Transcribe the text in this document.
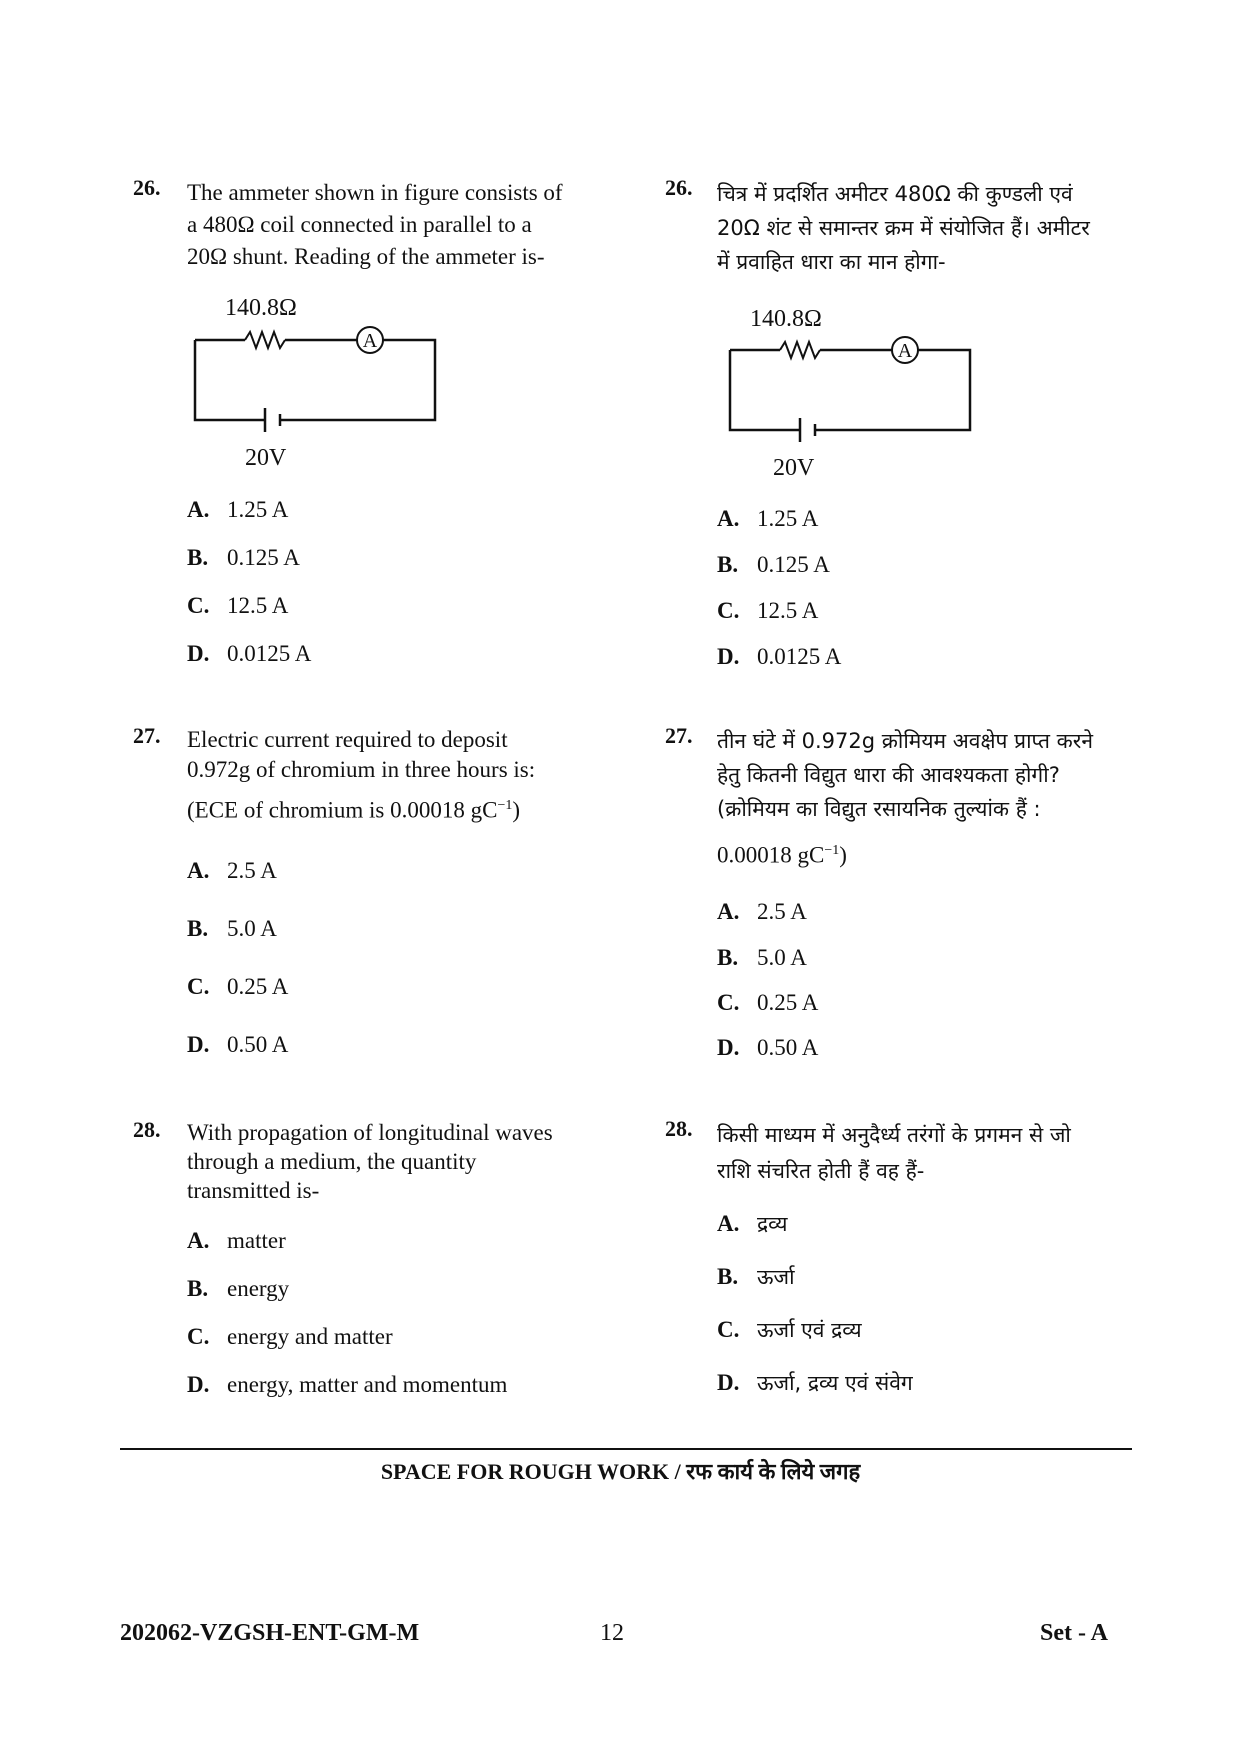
26. The ammeter shown in figure consists of
a 480Ω coil connected in parallel to a
20Ω shunt. Reading of the ammeter is-
A
140.8Ω
20V
A. 1.25 A
B. 0.125 A
C. 12.5 A
D. 0.0125 A
27. Electric current required to deposit
0.972g of chromium in three hours is:
(ECE of chromium is 0.00018 $gC^{-1}$)
A. 2.5 A
B. 5.0 A
C. 0.25 A
D. 0.50 A
28. With propagation of longitudinal waves
through a medium, the quantity
transmitted is-
A. matter
B. energy
C. energy and matter
D. energy, matter and momentum
26. चित्र में प्रदर्शित अमीटर 480Ω की कुण्डली एवं
20Ω शंट से समान्तर क्रम में संयोजित हैं। अमीटर
में प्रवाहित धारा का मान होगा-
A
140.8Ω
20V
A. 1.25 A
B. 0.125 A
C. 12.5 A
D. 0.0125 A
27. तीन घंटे में 0.972g क्रोमियम अवक्षेप प्राप्त करने
हेतु कितनी विद्युत धारा की आवश्यकता होगी?
(क्रोमियम का विद्युत रसायनिक तुल्यांक हैं :
0.00018 $gC^{-1}$)
A. 2.5 A
B. 5.0 A
C. 0.25 A
D. 0.50 A
28. किसी माध्यम में अनुदैर्ध्य तरंगों के प्रगमन से जो
राशि संचरित होती हैं वह हैं-
A. द्रव्य
B. ऊर्जा
C. ऊर्जा एवं द्रव्य
D. ऊर्जा, द्रव्य एवं संवेग
SPACE FOR ROUGH WORK / रफ कार्य के लिये जगह
202062-VZGSH-ENT-GM-M	12	Set - A
